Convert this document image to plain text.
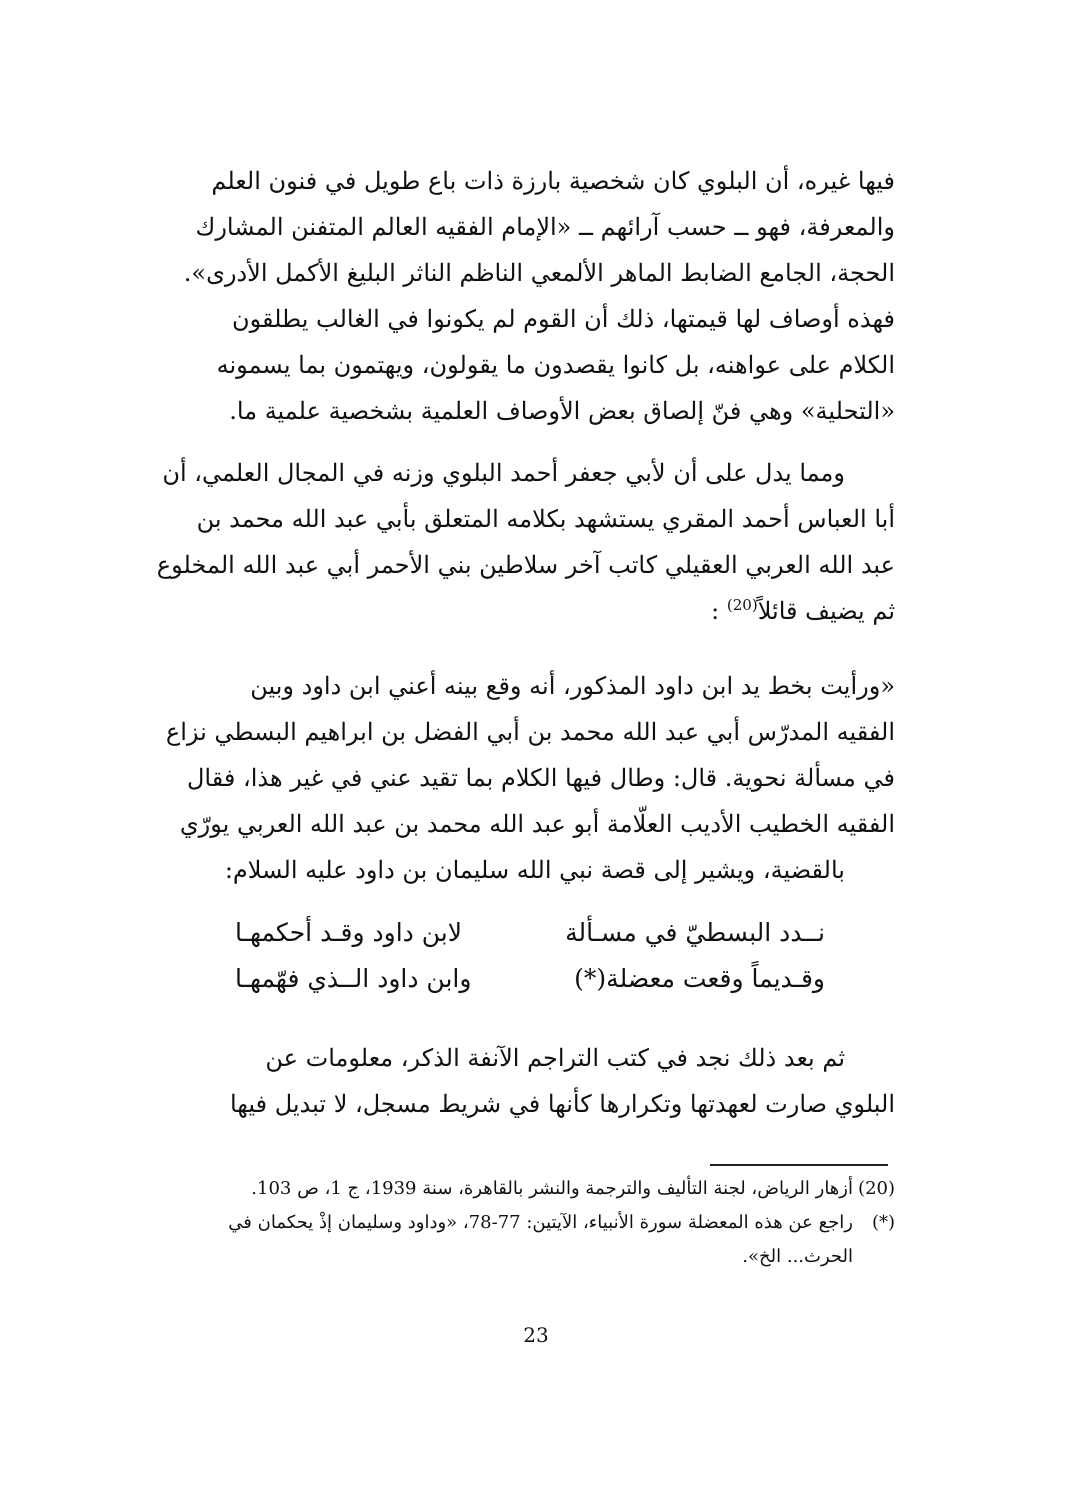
فيها غيره، أن البلوي كان شخصية بارزة ذات باع طويل في فنون العلم
والمعرفة، فهو ــ حسب آرائهم ــ «الإمام الفقيه العالم المتفنن المشارك
الحجة، الجامع الضابط الماهر الألمعي الناظم الناثر البليغ الأكمل الأدرى».
فهذه أوصاف لها قيمتها، ذلك أن القوم لم يكونوا في الغالب يطلقون
الكلام على عواهنه، بل كانوا يقصدون ما يقولون، ويهتمون بما يسمونه
«التحلية» وهي فنّ إلصاق بعض الأوصاف العلمية بشخصية علمية ما.
ومما يدل على أن لأبي جعفر أحمد البلوي وزنه في المجال العلمي، أن
أبا العباس أحمد المقري يستشهد بكلامه المتعلق بأبي عبد الله محمد بن
عبد الله العربي العقيلي كاتب آخر سلاطين بني الأحمر أبي عبد الله المخلوع
ثم يضيف قائلاً$^{(20)}$ :
«ورأيت بخط يد ابن داود المذكور، أنه وقع بينه أعني ابن داود وبين
الفقيه المدرّس أبي عبد الله محمد بن أبي الفضل بن ابراهيم البسطي نزاع
في مسألة نحوية. قال: وطال فيها الكلام بما تقيد عني في غير هذا، فقال
الفقيه الخطيب الأديب العلّامة أبو عبد الله محمد بن عبد الله العربي يورّي
بالقضية، ويشير إلى قصة نبي الله سليمان بن داود عليه السلام:
نــدد البسطيّ في مسـألة
لابن داود وقـد أحكمهـا
وقـديماً وقعت معضلة(*)
وابن داود الــذي فهّمهـا
ثم بعد ذلك نجد في كتب التراجم الآنفة الذكر، معلومات عن
البلوي صارت لعهدتها وتكرارها كأنها في شريط مسجل، لا تبديل فيها
(20)
أزهار الرياض، لجنة التأليف والترجمة والنشر بالقاهرة، سنة 1939، ج 1، ص 103.
(*)
راجع عن هذه المعضلة سورة الأنبياء، الآيتين: 77-78، «وداود وسليمان إذْ يحكمان في الحرث... الخ».
23
